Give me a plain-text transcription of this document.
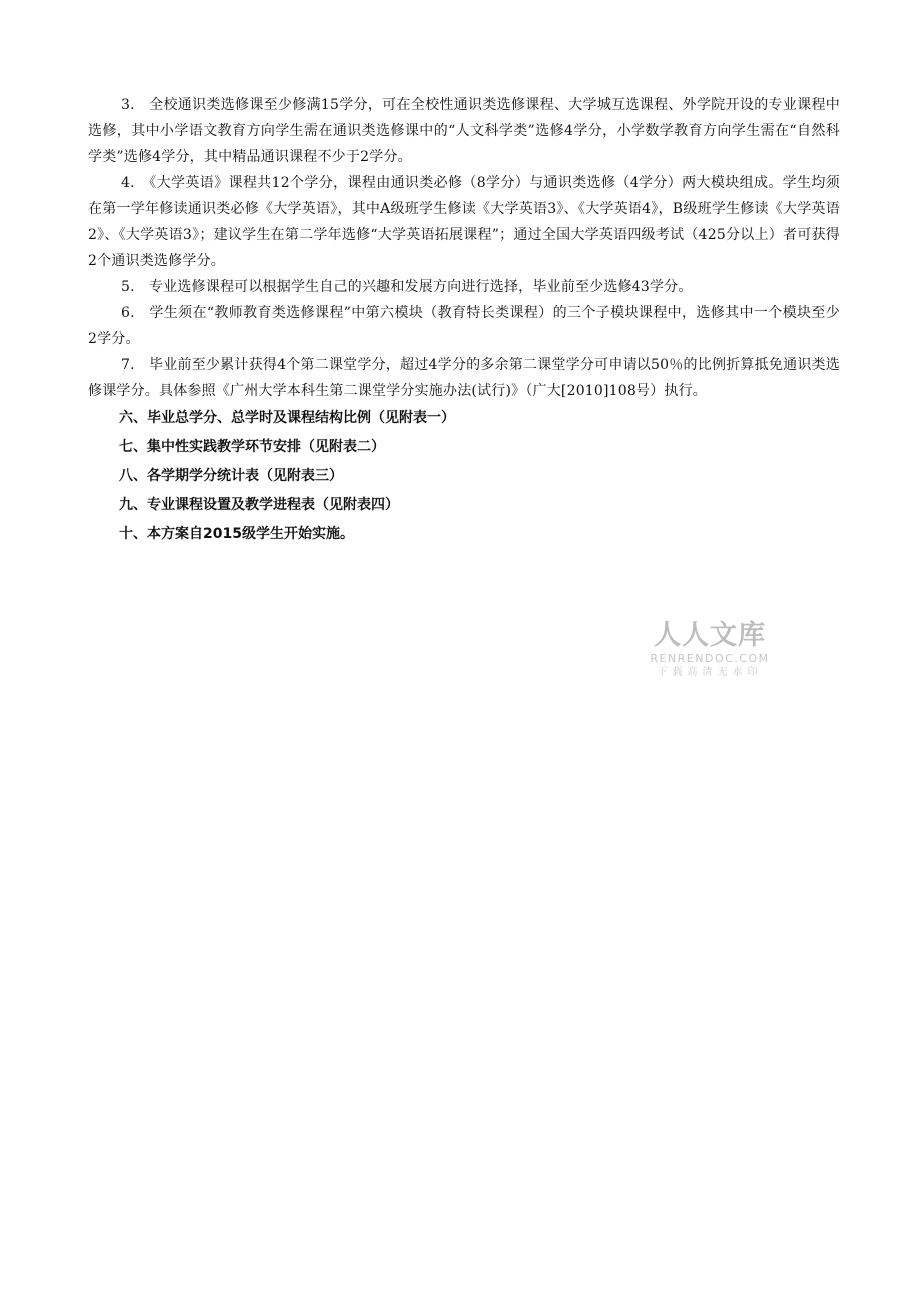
3.　全校通识类选修课至少修满15学分，可在全校性通识类选修课程、大学城互选课程、外学院开设的专业课程中选修，其中小学语文教育方向学生需在通识类选修课中的“人文科学类”选修4学分，小学数学教育方向学生需在“自然科学类”选修4学分，其中精品通识课程不少于2学分。

4.　《大学英语》课程共12个学分，课程由通识类必修（8学分）与通识类选修（4学分）两大模块组成。学生均须在第一学年修读通识类必修《大学英语》，其中A级班学生修读《大学英语3》、《大学英语4》，B级班学生修读《大学英语2》、《大学英语3》；建议学生在第二学年选修“大学英语拓展课程”；通过全国大学英语四级考试（425分以上）者可获得2个通识类选修学分。

5.　专业选修课程可以根据学生自己的兴趣和发展方向进行选择，毕业前至少选修43学分。

6.　学生须在“教师教育类选修课程”中第六模块（教育特长类课程）的三个子模块课程中，选修其中一个模块至少2学分。

7.　毕业前至少累计获得4个第二课堂学分，超过4学分的多余第二课堂学分可申请以50％的比例折算抵免通识类选修课学分。具体参照《广州大学本科生第二课堂学分实施办法(试行)》（广大[2010]108号）执行。

六、毕业总学分、总学时及课程结构比例（见附表一）

七、集中性实践教学环节安排（见附表二）

八、各学期学分统计表（见附表三）

九、专业课程设置及教学进程表（见附表四）

十、本方案自2015级学生开始实施。

人人文库
RENRENDOC.COM
下载高清无水印
